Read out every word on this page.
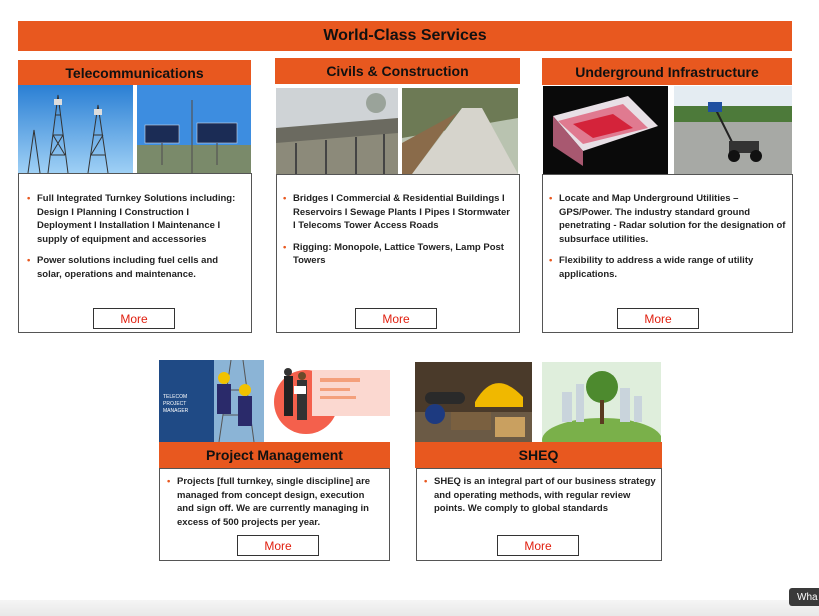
World-Class Services
Telecommunications
• Full Integrated Turnkey Solutions including: Design I Planning I Construction I Deployment I Installation I Maintenance I supply of equipment and accessories
• Power solutions including fuel cells and solar, operations and maintenance.
More
Civils & Construction
• Bridges I Commercial & Residential Buildings I Reservoirs I Sewage Plants I Pipes I Stormwater I Telecoms Tower Access Roads
• Rigging: Monopole, Lattice Towers, Lamp Post Towers
More
Underground Infrastructure
• Locate and Map Underground Utilities – GPS/Power. The industry standard ground penetrating - Radar solution for the designation of subsurface utilities.
• Flexibility to address a wide range of utility applications.
More
TELECOM PROJECT MANAGER
Project Management
• Projects [full turnkey, single discipline] are managed from concept design, execution and sign off. We are currently managing in excess of 500 projects per year.
More
SHEQ
• SHEQ is an integral part of our business strategy and operating methods, with regular review points. We comply to global standards
More
Wha
